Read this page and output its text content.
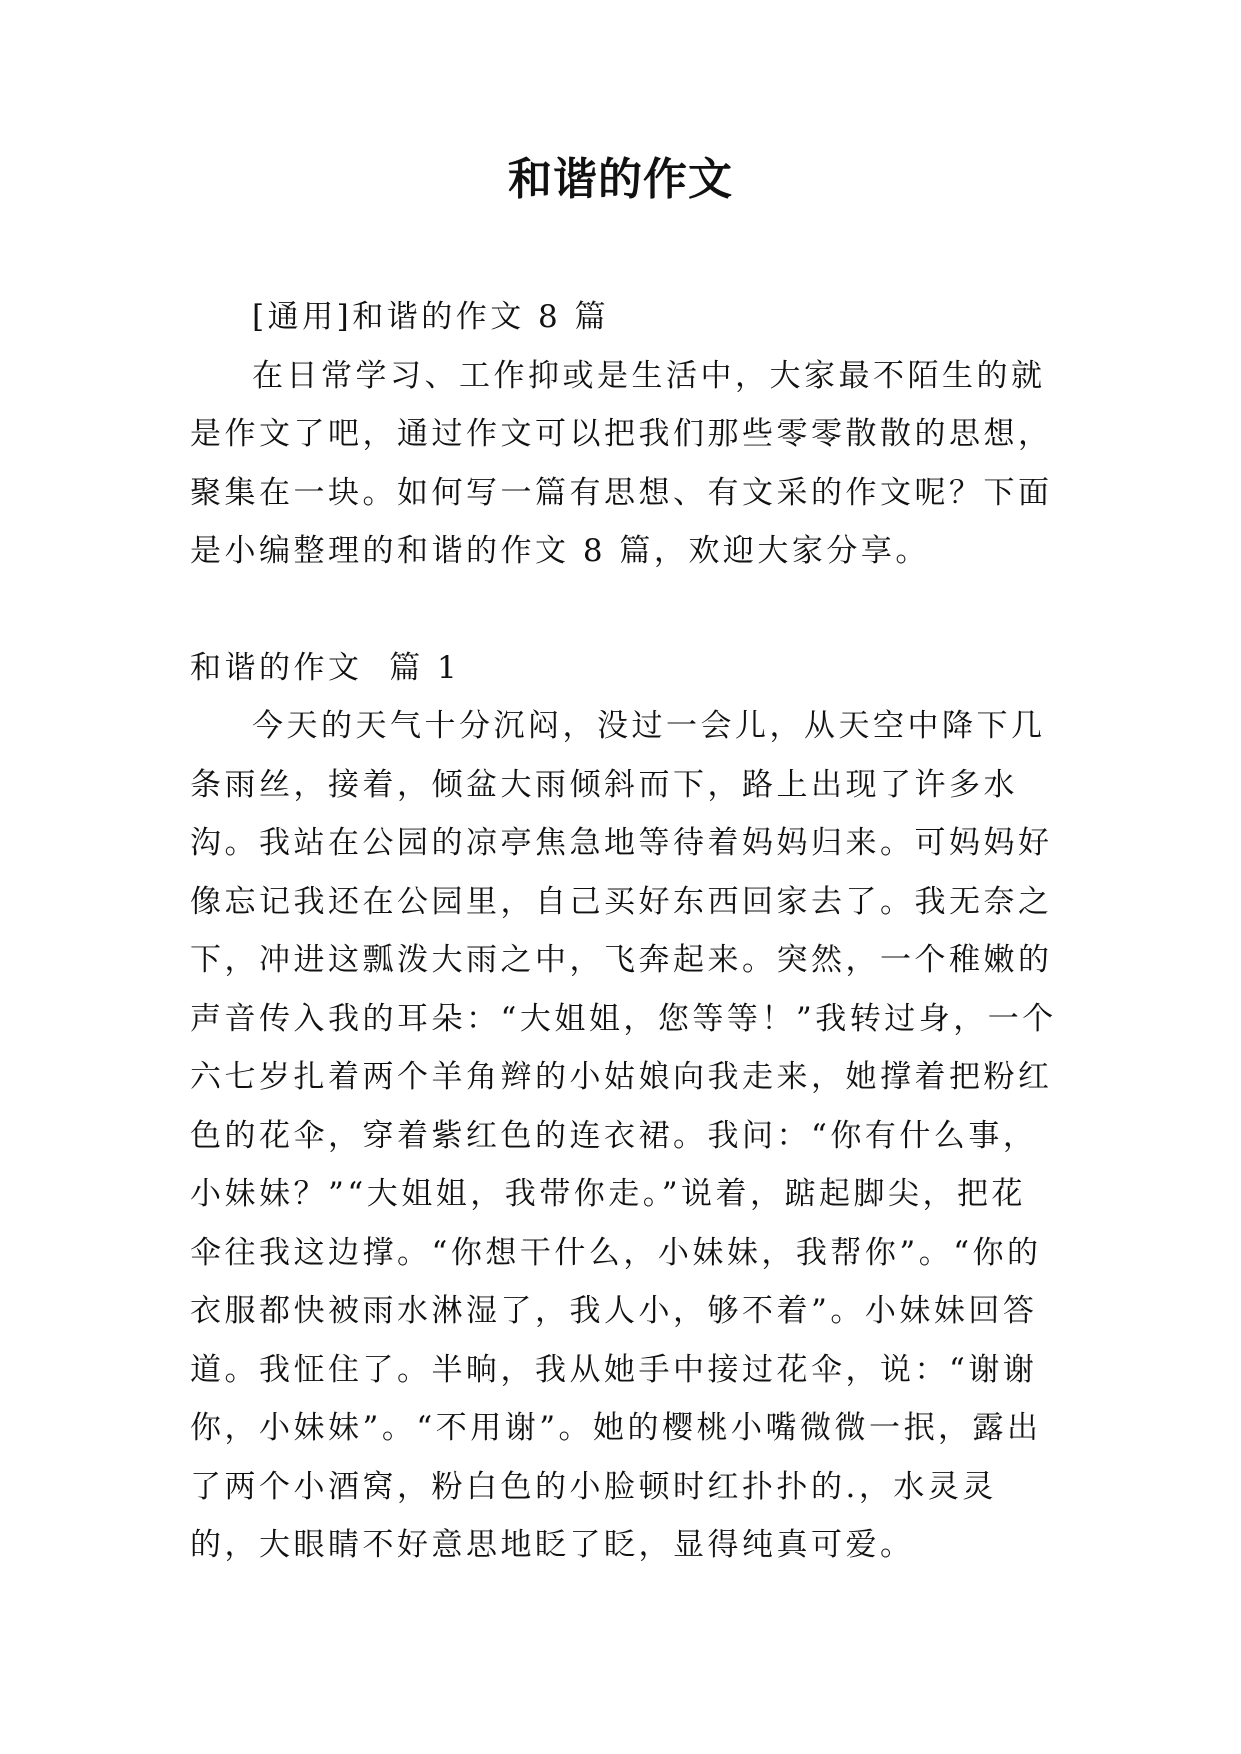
和谐的作文

[通用]和谐的作文 8 篇

在日常学习、工作抑或是生活中，大家最不陌生的就是作文了吧，通过作文可以把我们那些零零散散的思想，聚集在一块。如何写一篇有思想、有文采的作文呢？下面是小编整理的和谐的作文 8 篇，欢迎大家分享。

和谐的作文  篇 1

今天的天气十分沉闷，没过一会儿，从天空中降下几条雨丝，接着，倾盆大雨倾斜而下，路上出现了许多水沟。我站在公园的凉亭焦急地等待着妈妈归来。可妈妈好像忘记我还在公园里，自己买好东西回家去了。我无奈之下，冲进这瓢泼大雨之中，飞奔起来。突然，一个稚嫩的声音传入我的耳朵：“大姐姐，您等等！”我转过身，一个六七岁扎着两个羊角辫的小姑娘向我走来，她撑着把粉红色的花伞，穿着紫红色的连衣裙。我问：“你有什么事，小妹妹？”“大姐姐，我带你走。”说着，踮起脚尖，把花伞往我这边撑。“你想干什么，小妹妹，我帮你”。“你的衣服都快被雨水淋湿了，我人小，够不着”。小妹妹回答道。我怔住了。半晌，我从她手中接过花伞，说：“谢谢你，小妹妹”。“不用谢”。她的樱桃小嘴微微一抿，露出了两个小酒窝，粉白色的小脸顿时红扑扑的.，水灵灵的，大眼睛不好意思地眨了眨，显得纯真可爱。
